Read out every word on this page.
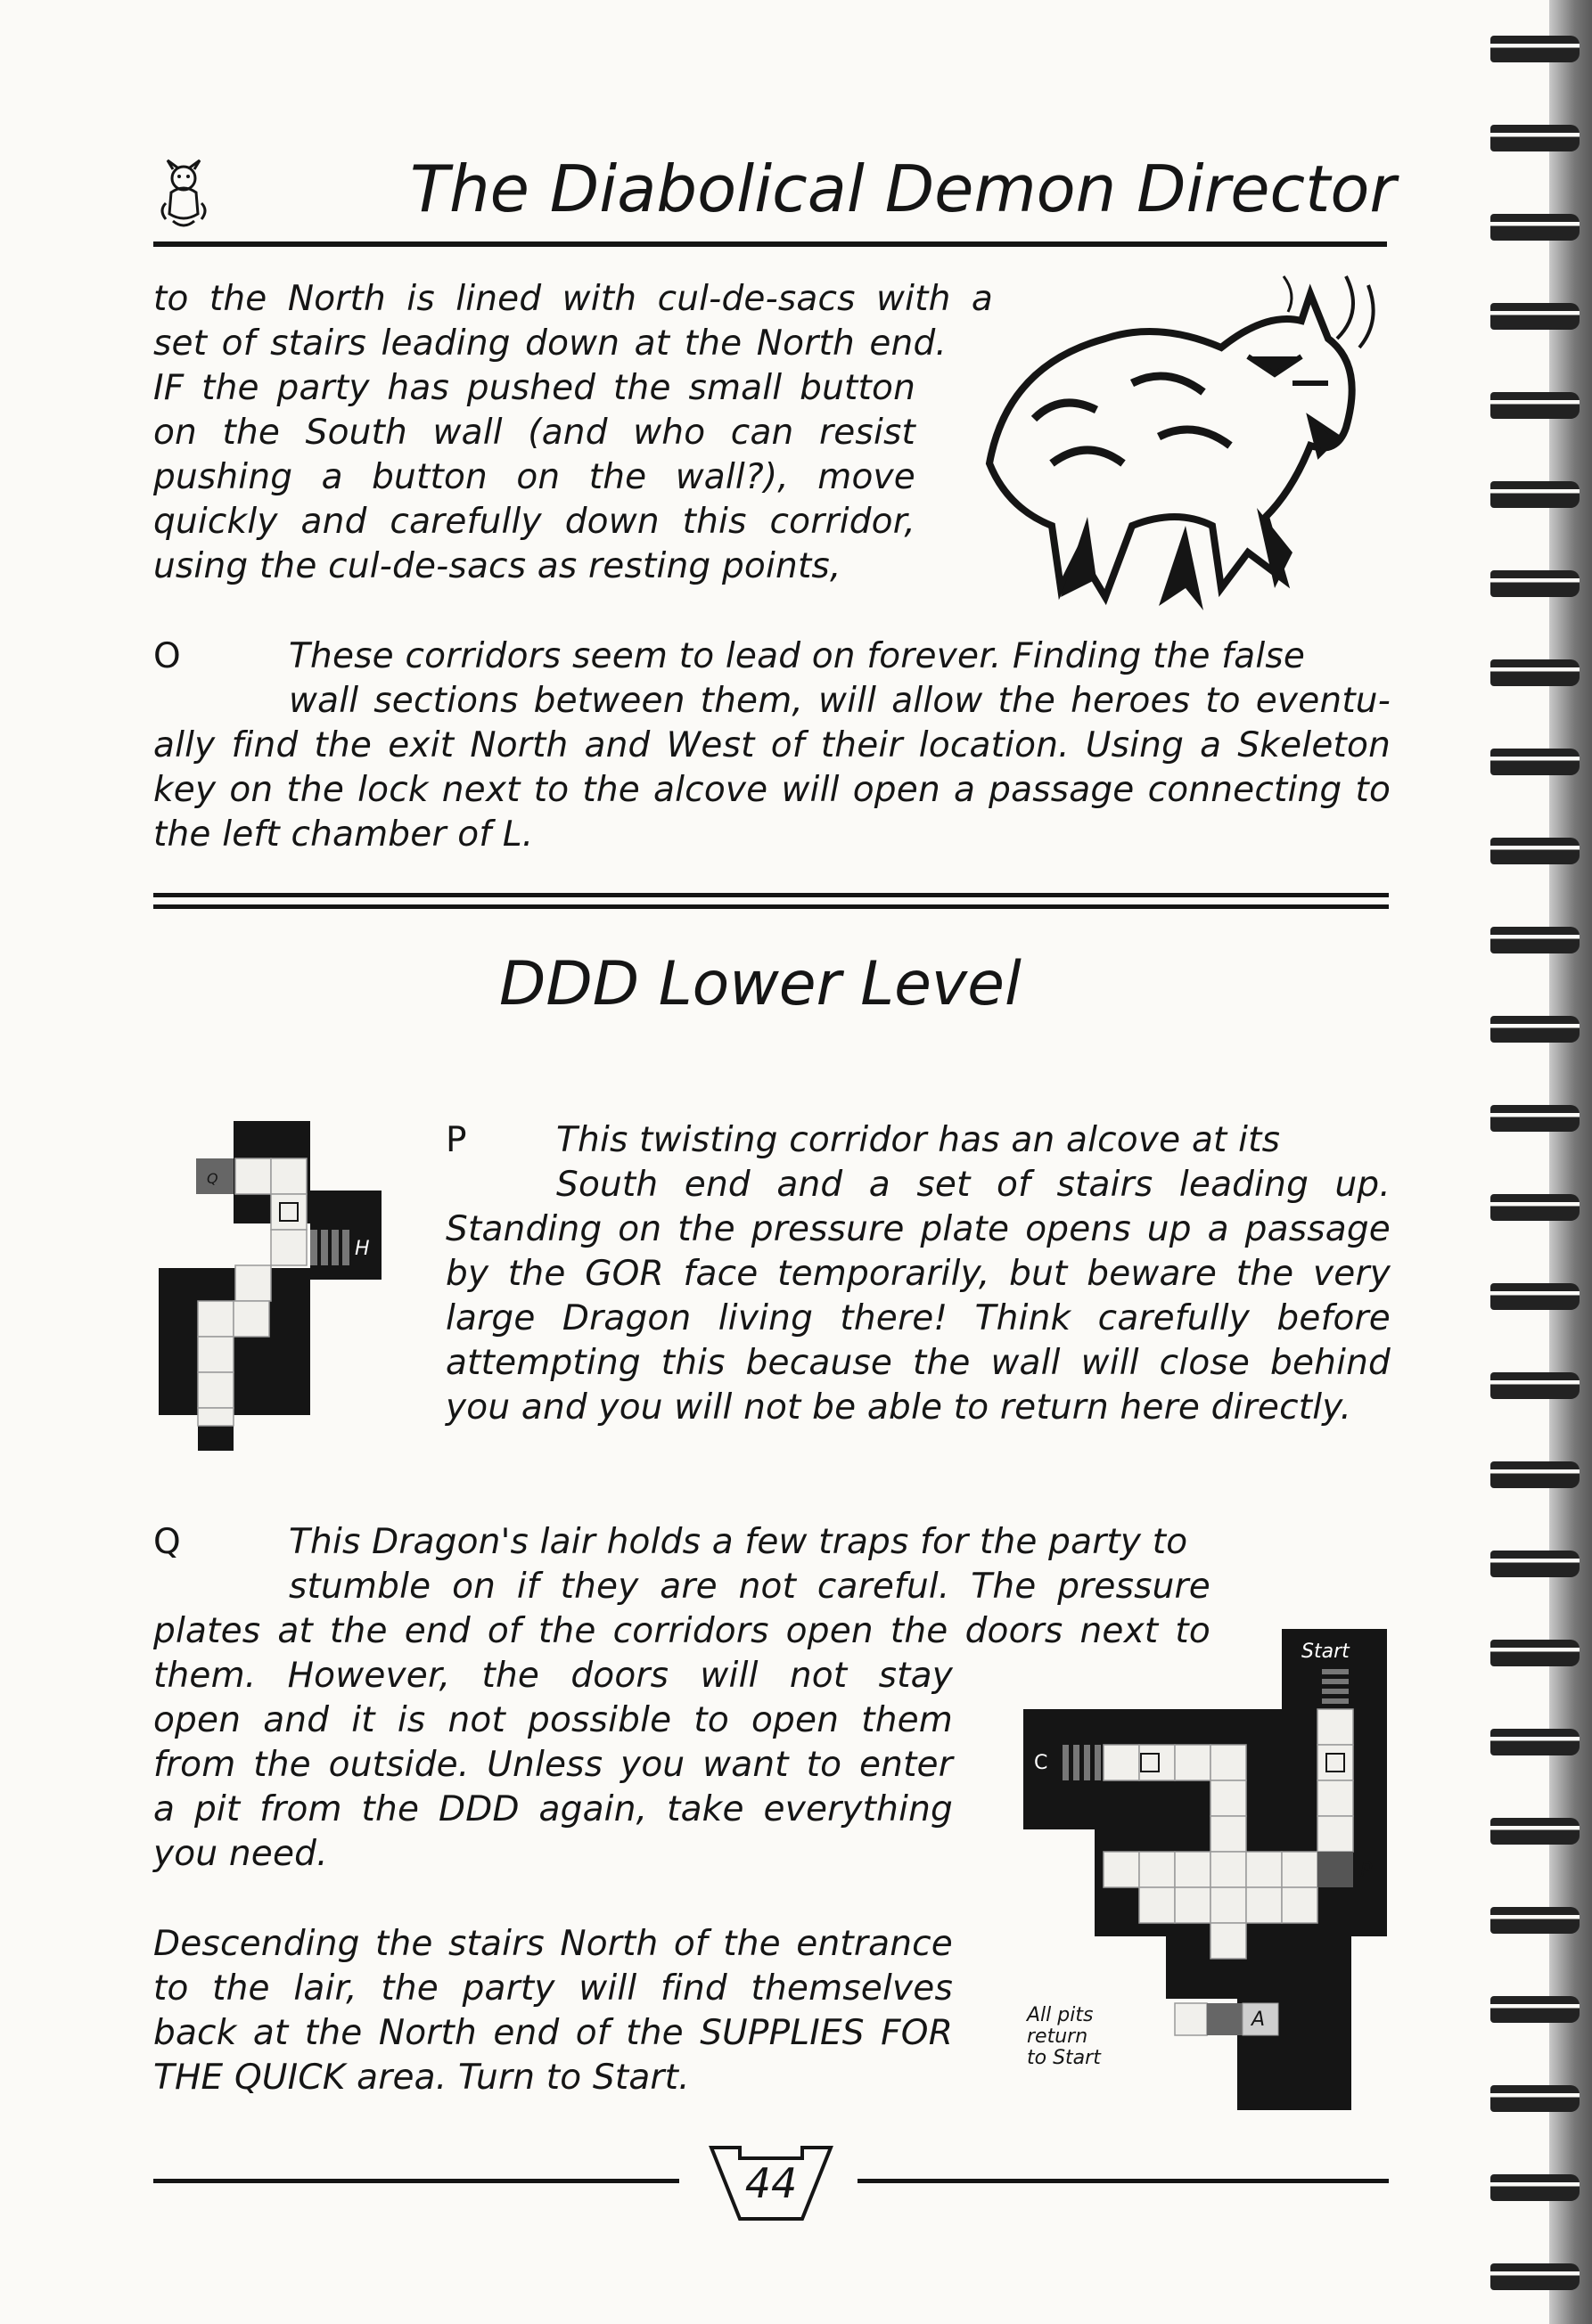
The Diabolical Demon Director
to the North is lined with cul-de-sacs with a
set of stairs leading down at the North end.
IF the party has pushed the small button
on the South wall (and who can resist
pushing a button on the wall?), move
quickly and carefully down this corridor,
using the cul-de-sacs as resting points,
O	These corridors seem to lead on forever. Finding the false
wall sections between them, will allow the heroes to eventu-
ally find the exit North and West of their location. Using a Skeleton
key on the lock next to the alcove will open a passage connecting to
the left chamber of L.
DDD Lower Level
Q
H
P	This twisting corridor has an alcove at its
South end and a set of stairs leading up.
Standing on the pressure plate opens up a passage
by the GOR face temporarily, but beware the very
large Dragon living there! Think carefully before
attempting this because the wall will close behind
you and you will not be able to return here directly.
Q	This Dragon's lair holds a few traps for the party to
stumble on if they are not careful. The pressure
plates at the end of the corridors open the doors next to
them. However, the doors will not stay
open and it is not possible to open them
from the outside. Unless you want to enter
a pit from the DDD again, take everything
you need.
Descending the stairs North of the entrance
to the lair, the party will find themselves
back at the North end of the SUPPLIES FOR
THE QUICK area. Turn to Start.
Start
C
P
A
All pits
return
to Start
44
